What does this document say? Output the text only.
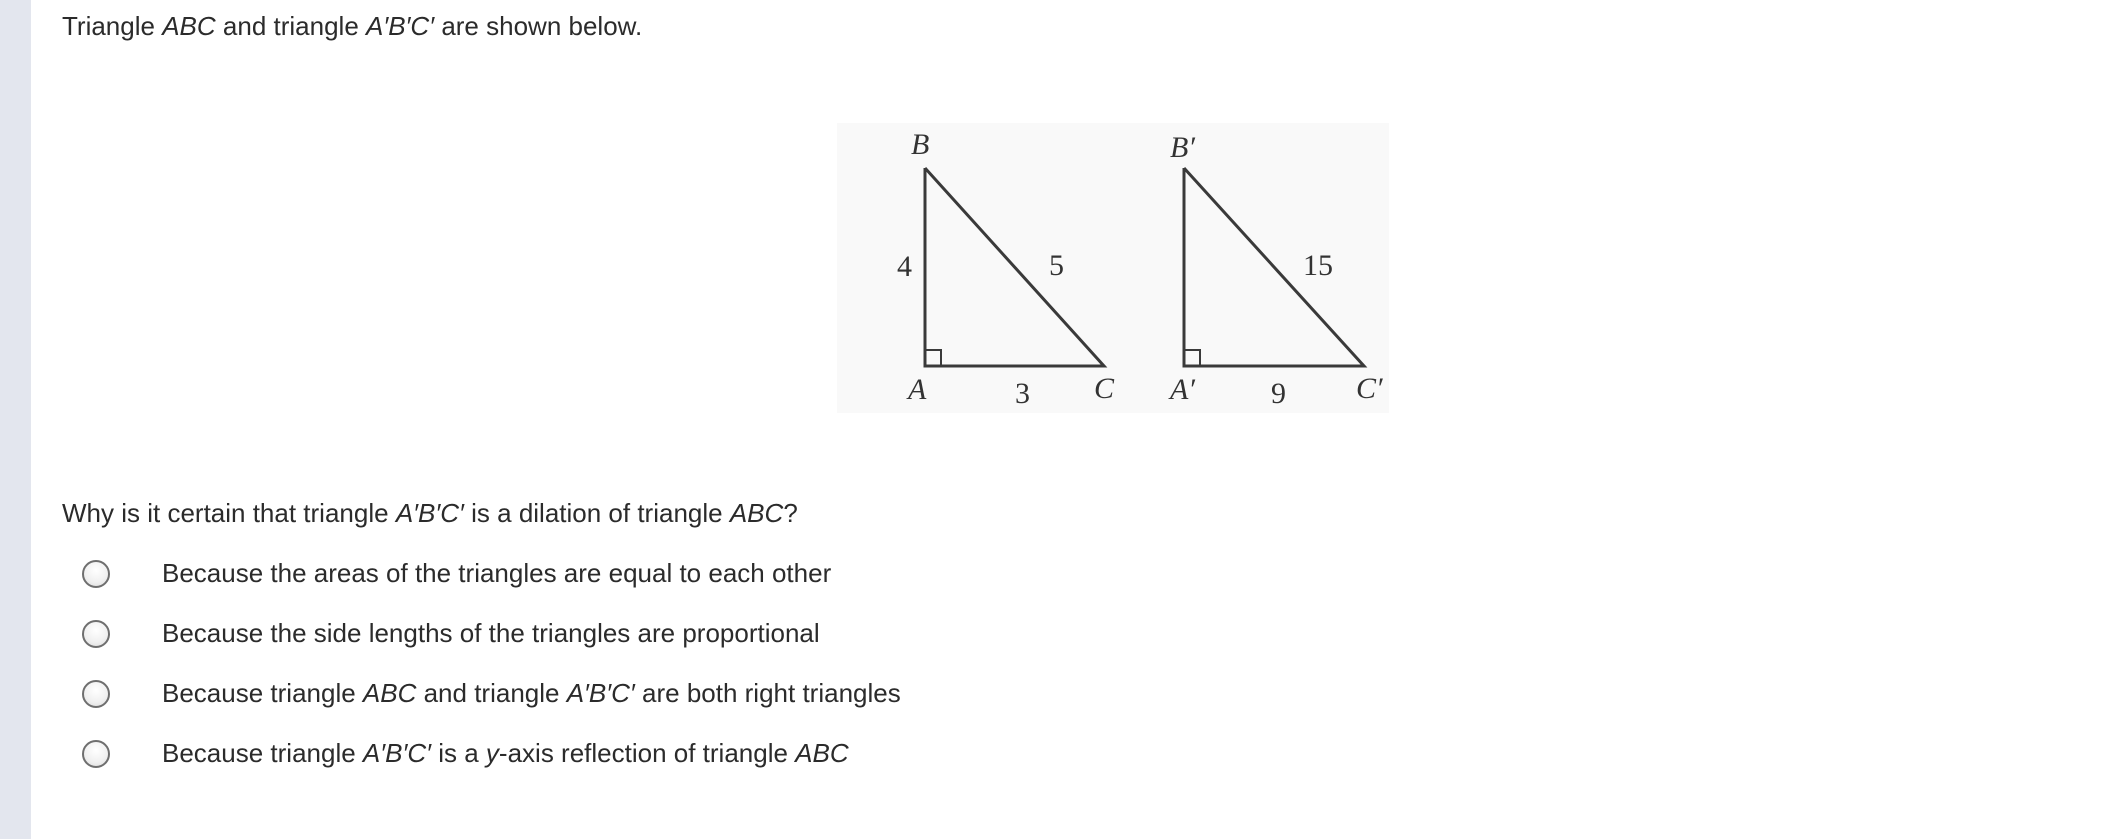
Triangle ABC and triangle A′B′C′ are shown below.
B
A	C
4	5
3
B′
A′	C′
15
9
Why is it certain that triangle A′B′C′ is a dilation of triangle ABC?
Because the areas of the triangles are equal to each other
Because the side lengths of the triangles are proportional
Because triangle ABC and triangle A′B′C′ are both right triangles
Because triangle A′B′C′ is a y-axis reflection of triangle ABC
